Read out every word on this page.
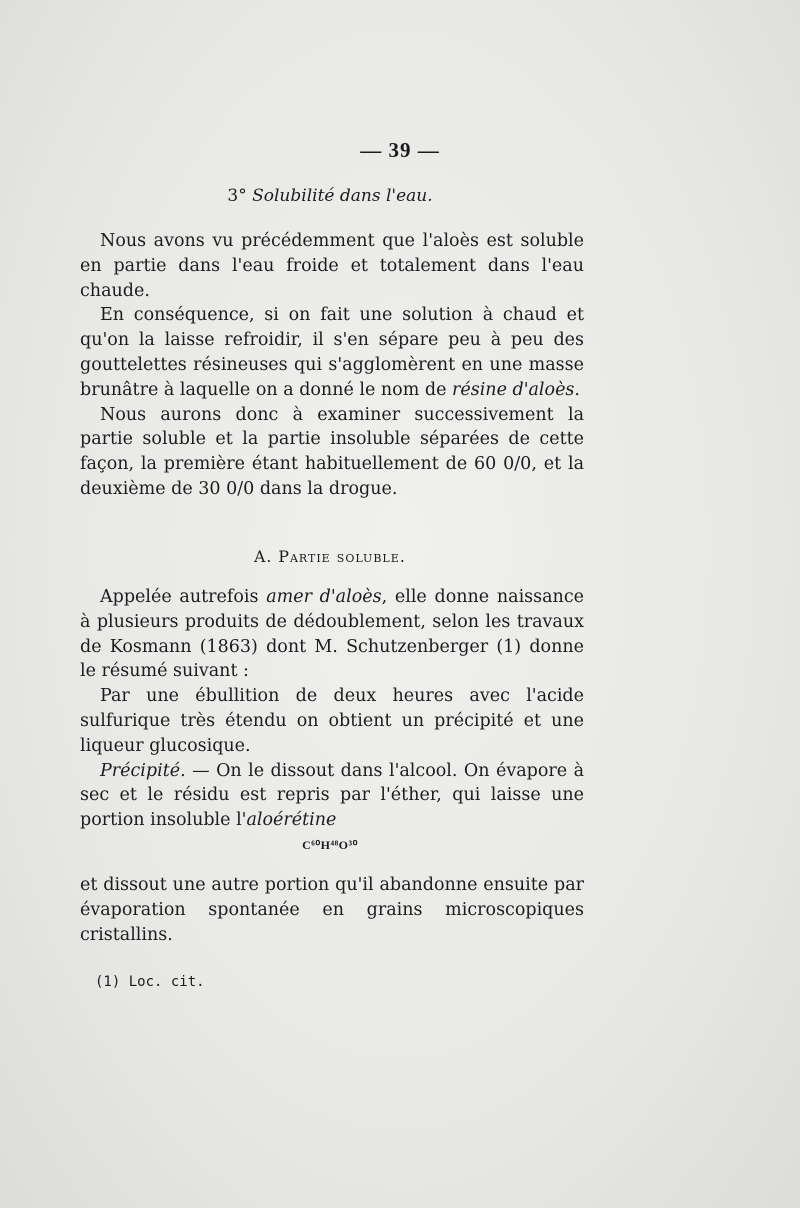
— 39 —
3° Solubilité dans l'eau.

Nous avons vu précédemment que l'aloès est soluble en partie dans l'eau froide et totalement dans l'eau chaude.

En conséquence, si on fait une solution à chaud et qu'on la laisse refroidir, il s'en sépare peu à peu des gouttelettes résineuses qui s'agglomèrent en une masse brunâtre à laquelle on a donné le nom de résine d'aloès.

Nous aurons donc à examiner successivement la partie soluble et la partie insoluble séparées de cette façon, la première étant habituellement de 60 0/0, et la deuxième de 30 0/0 dans la drogue.

A. Partie soluble.

Appelée autrefois amer d'aloès, elle donne naissance à plusieurs produits de dédoublement, selon les travaux de Kosmann (1863) dont M. Schutzenberger (1) donne le résumé suivant :

Par une ébullition de deux heures avec l'acide sulfurique très étendu on obtient un précipité et une liqueur glucosique.

Précipité. — On le dissout dans l'alcool. On évapore à sec et le résidu est repris par l'éther, qui laisse une portion insoluble l'aloérétine

C⁶⁰H⁴⁸O³⁰

et dissout une autre portion qu'il abandonne ensuite par évaporation spontanée en grains microscopiques cristallins.

(1) Loc. cit.
